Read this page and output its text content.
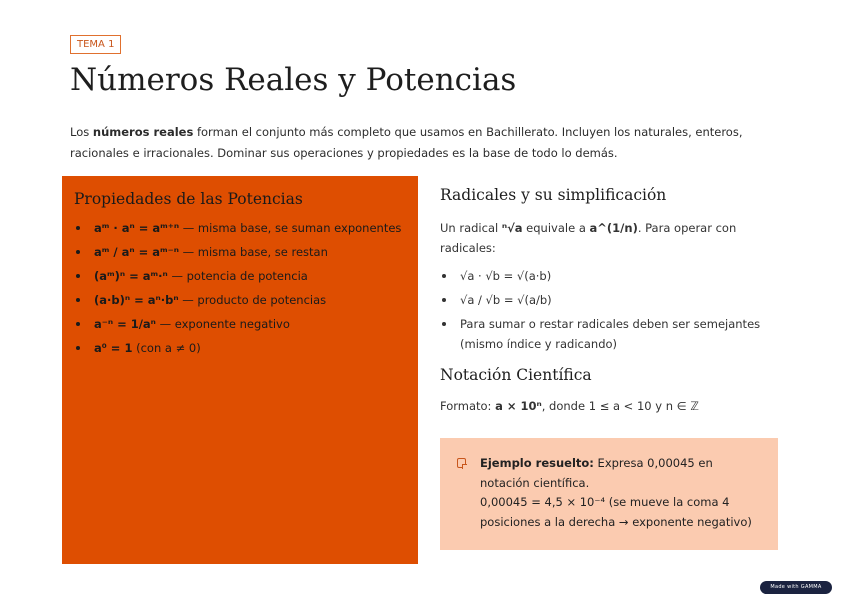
TEMA 1
Números Reales y Potencias

Los números reales forman el conjunto más completo que usamos en Bachillerato. Incluyen los naturales, enteros, racionales e irracionales. Dominar sus operaciones y propiedades es la base de todo lo demás.

Propiedades de las Potencias
aᵐ · aⁿ = aᵐ⁺ⁿ — misma base, se suman exponentes
aᵐ / aⁿ = aᵐ⁻ⁿ — misma base, se restan
(aᵐ)ⁿ = aᵐ·ⁿ — potencia de potencia
(a·b)ⁿ = aⁿ·bⁿ — producto de potencias
a⁻ⁿ = 1/aⁿ — exponente negativo
a⁰ = 1 (con a ≠ 0)
Radicales y su simplificación

Un radical ⁿ√a equivale a a^(1/n). Para operar con radicales:

√a · √b = √(a·b)
√a / √b = √(a/b)
Para sumar o restar radicales deben ser semejantes (mismo índice y radicando)
Notación Científica

Formato: a × 10ⁿ, donde 1 ≤ a < 10 y n ∈ ℤ

Ejemplo resuelto: Expresa 0,00045 en notación científica.
0,00045 = 4,5 × 10⁻⁴ (se mueve la coma 4 posiciones a la derecha → exponente negativo)
Made with GAMMA
